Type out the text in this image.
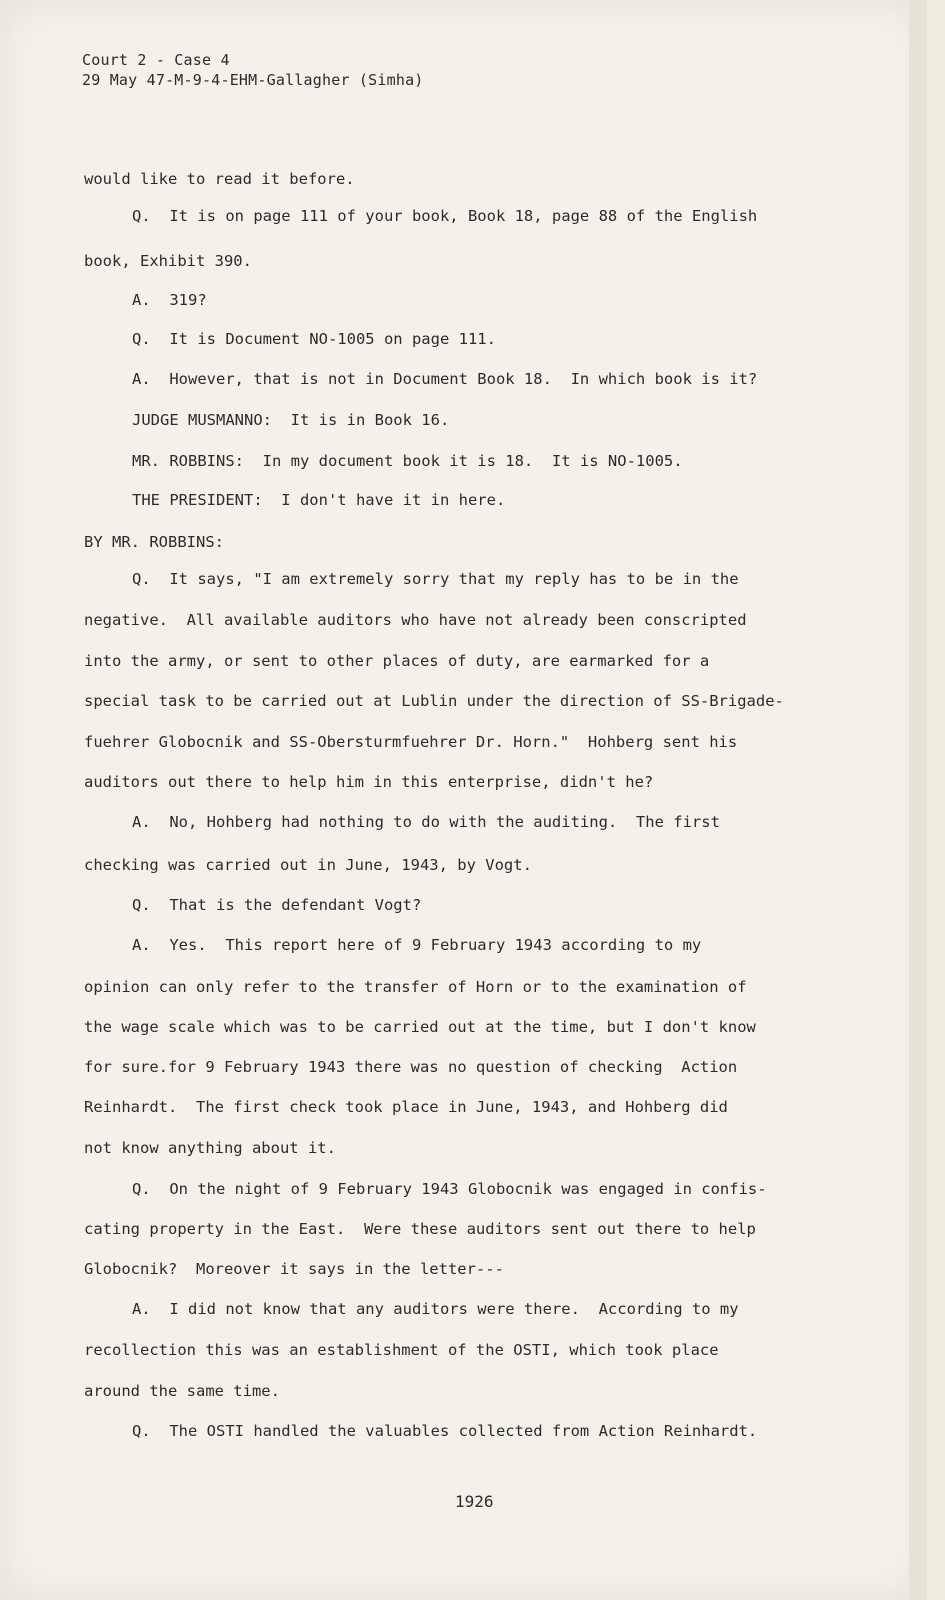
Court 2 - Case 4
29 May 47-M-9-4-EHM-Gallagher (Simha)
would like to read it before.
Q.  It is on page 111 of your book, Book 18, page 88 of the English
book, Exhibit 390.
A.  319?
Q.  It is Document NO-1005 on page 111.
A.  However, that is not in Document Book 18.  In which book is it?
JUDGE MUSMANNO:  It is in Book 16.
MR. ROBBINS:  In my document book it is 18.  It is NO-1005.
THE PRESIDENT:  I don't have it in here.
BY MR. ROBBINS:
Q.  It says, "I am extremely sorry that my reply has to be in the
negative.  All available auditors who have not already been conscripted
into the army, or sent to other places of duty, are earmarked for a
special task to be carried out at Lublin under the direction of SS-Brigade-
fuehrer Globocnik and SS-Obersturmfuehrer Dr. Horn."  Hohberg sent his
auditors out there to help him in this enterprise, didn't he?
A.  No, Hohberg had nothing to do with the auditing.  The first
checking was carried out in June, 1943, by Vogt.
Q.  That is the defendant Vogt?
A.  Yes.  This report here of 9 February 1943 according to my
opinion can only refer to the transfer of Horn or to the examination of
the wage scale which was to be carried out at the time, but I don't know
for sure.for 9 February 1943 there was no question of checking  Action
Reinhardt.  The first check took place in June, 1943, and Hohberg did
not know anything about it.
Q.  On the night of 9 February 1943 Globocnik was engaged in confis-
cating property in the East.  Were these auditors sent out there to help
Globocnik?  Moreover it says in the letter---
A.  I did not know that any auditors were there.  According to my
recollection this was an establishment of the OSTI, which took place
around the same time.
Q.  The OSTI handled the valuables collected from Action Reinhardt.
1926
